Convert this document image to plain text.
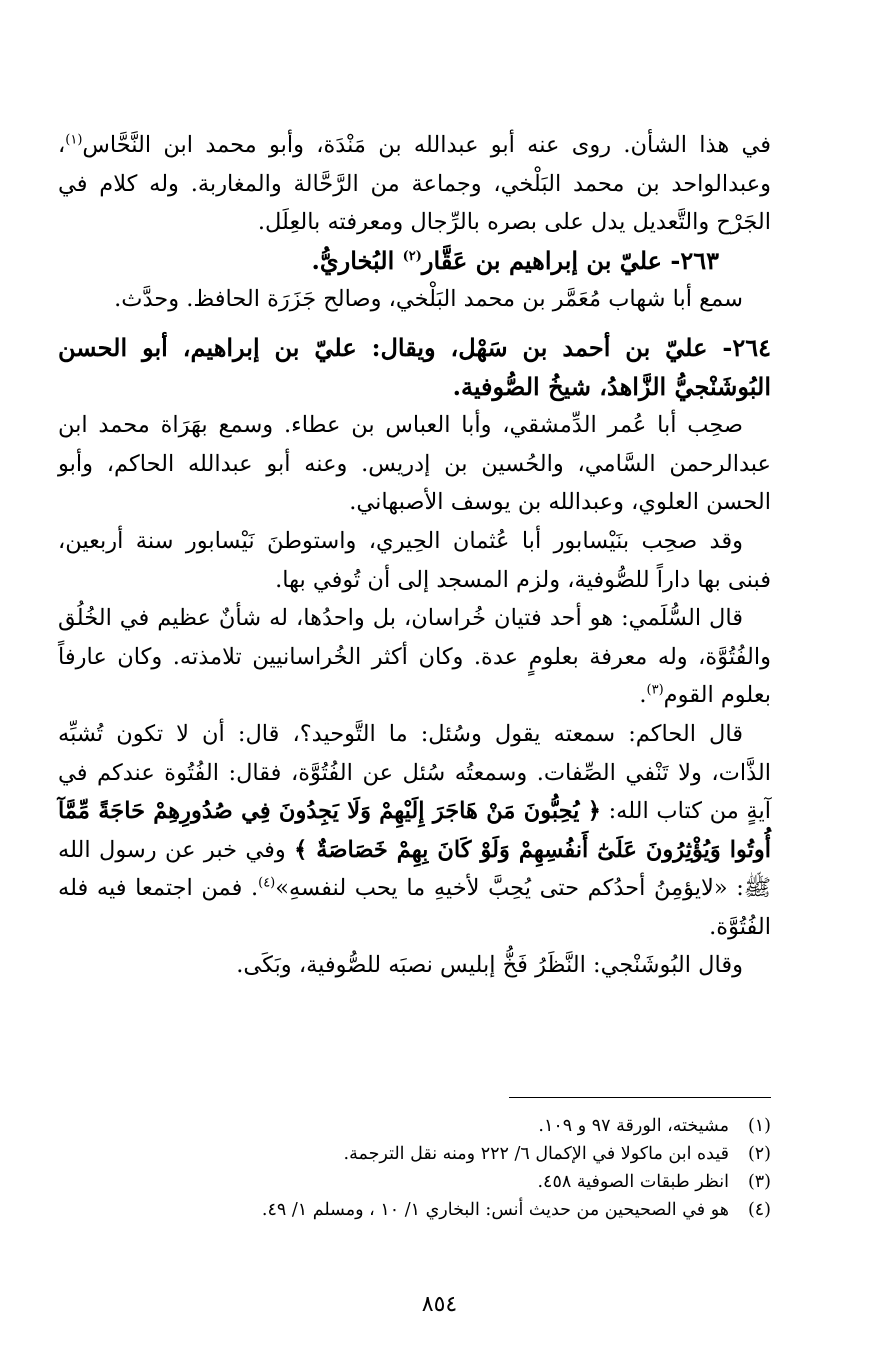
في هذا الشأن. روى عنه أبو عبدالله بن مَنْدَة، وأبو محمد ابن النَّحَّاس$^{(١)}$، وعبدالواحد بن محمد البَلْخي، وجماعة من الرَّحَّالة والمغاربة. وله كلام في الجَرْح والتَّعديل يدل على بصره بالرِّجال ومعرفته بالعِلَل.

٢٦٣- عليّ بن إبراهيم بن عَقَّار$^{(٢)}$ البُخاريُّ.

سمع أبا شهاب مُعَمَّر بن محمد البَلْخي، وصالح جَزَرَة الحافظ. وحدَّث.

٢٦٤- عليّ بن أحمد بن سَهْل، ويقال: عليّ بن إبراهيم، أبو الحسن البُوشَنْجيُّ الزَّاهدُ، شيخُ الصُّوفية.

صحِب أبا عُمر الدِّمشقي، وأبا العباس بن عطاء. وسمع بهَرَاة محمد ابن عبدالرحمن السَّامي، والحُسين بن إدريس. وعنه أبو عبدالله الحاكم، وأبو الحسن العلوي، وعبدالله بن يوسف الأصبهاني.

وقد صحِب بنَيْسابور أبا عُثمان الحِيري، واستوطنَ نَيْسابور سنة أربعين، فبنى بها داراً للصُّوفية، ولزم المسجد إلى أن تُوفي بها.

قال السُّلَمي: هو أحد فتيان خُراسان، بل واحدُها، له شأنٌ عظيم في الخُلُق والفُتُوَّة، وله معرفة بعلومٍ عدة. وكان أكثر الخُراسانيين تلامذته. وكان عارفاً بعلوم القوم$^{(٣)}$.

قال الحاكم: سمعته يقول وسُئل: ما التَّوحيد؟، قال: أن لا تكون تُشبِّه الذَّات، ولا تَنْفي الصِّفات. وسمعتُه سُئل عن الفُتُوَّة، فقال: الفُتُوة عندكم في آيةٍ من كتاب الله: ﴿ يُحِبُّونَ مَنْ هَاجَرَ إِلَيْهِمْ وَلَا يَجِدُونَ فِي صُدُورِهِمْ حَاجَةً مِّمَّآ أُوتُوا وَيُؤْثِرُونَ عَلَىٰٓ أَنفُسِهِمْ وَلَوْ كَانَ بِهِمْ خَصَاصَةٌ ﴾ وفي خبر عن رسول الله ﷺ: «لايؤمِنُ أحدُكم حتى يُحِبَّ لأخيهِ ما يحب لنفسهِ»$^{(٤)}$. فمن اجتمعا فيه فله الفُتُوَّة.

وقال البُوشَنْجي: النَّظَرُ فَخُّ إبليس نصبَه للصُّوفية، وبَكَى.

(١)
مشيخته، الورقة ٩٧ و ١٠٩.
(٢)
قيده ابن ماكولا في الإكمال ٦/ ٢٢٢ ومنه نقل الترجمة.
(٣)
انظر طبقات الصوفية ٤٥٨.
(٤)
هو في الصحيحين من حديث أنس: البخاري ١/ ١٠ ، ومسلم ١/ ٤٩.
٨٥٤
